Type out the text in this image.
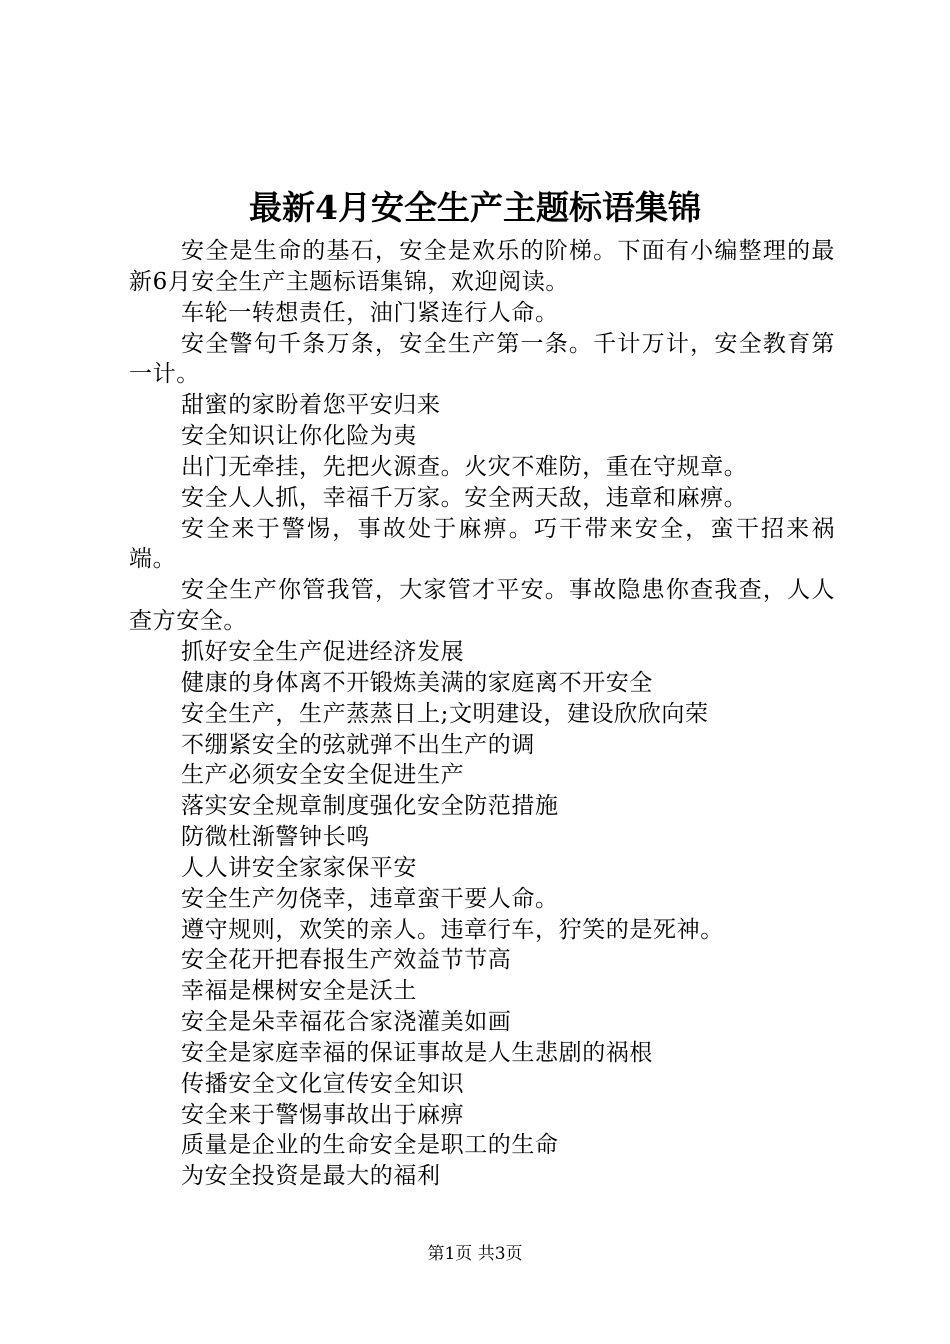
最新4月安全生产主题标语集锦

安全是生命的基石，安全是欢乐的阶梯。下面有小编整理的最新6月安全生产主题标语集锦，欢迎阅读。

车轮一转想责任，油门紧连行人命。

安全警句千条万条，安全生产第一条。千计万计，安全教育第一计。

甜蜜的家盼着您平安归来

安全知识让你化险为夷

出门无牵挂，先把火源查。火灾不难防，重在守规章。

安全人人抓，幸福千万家。安全两天敌，违章和麻痹。

安全来于警惕，事故处于麻痹。巧干带来安全，蛮干招来祸端。

安全生产你管我管，大家管才平安。事故隐患你查我查，人人查方安全。

抓好安全生产促进经济发展

健康的身体离不开锻炼美满的家庭离不开安全

安全生产，生产蒸蒸日上;文明建设，建设欣欣向荣

不绷紧安全的弦就弹不出生产的调

生产必须安全安全促进生产

落实安全规章制度强化安全防范措施

防微杜渐警钟长鸣

人人讲安全家家保平安

安全生产勿侥幸，违章蛮干要人命。

遵守规则，欢笑的亲人。违章行车，狞笑的是死神。

安全花开把春报生产效益节节高

幸福是棵树安全是沃土

安全是朵幸福花合家浇灌美如画

安全是家庭幸福的保证事故是人生悲剧的祸根

传播安全文化宣传安全知识

安全来于警惕事故出于麻痹

质量是企业的生命安全是职工的生命

为安全投资是最大的福利

第1页 共3页
